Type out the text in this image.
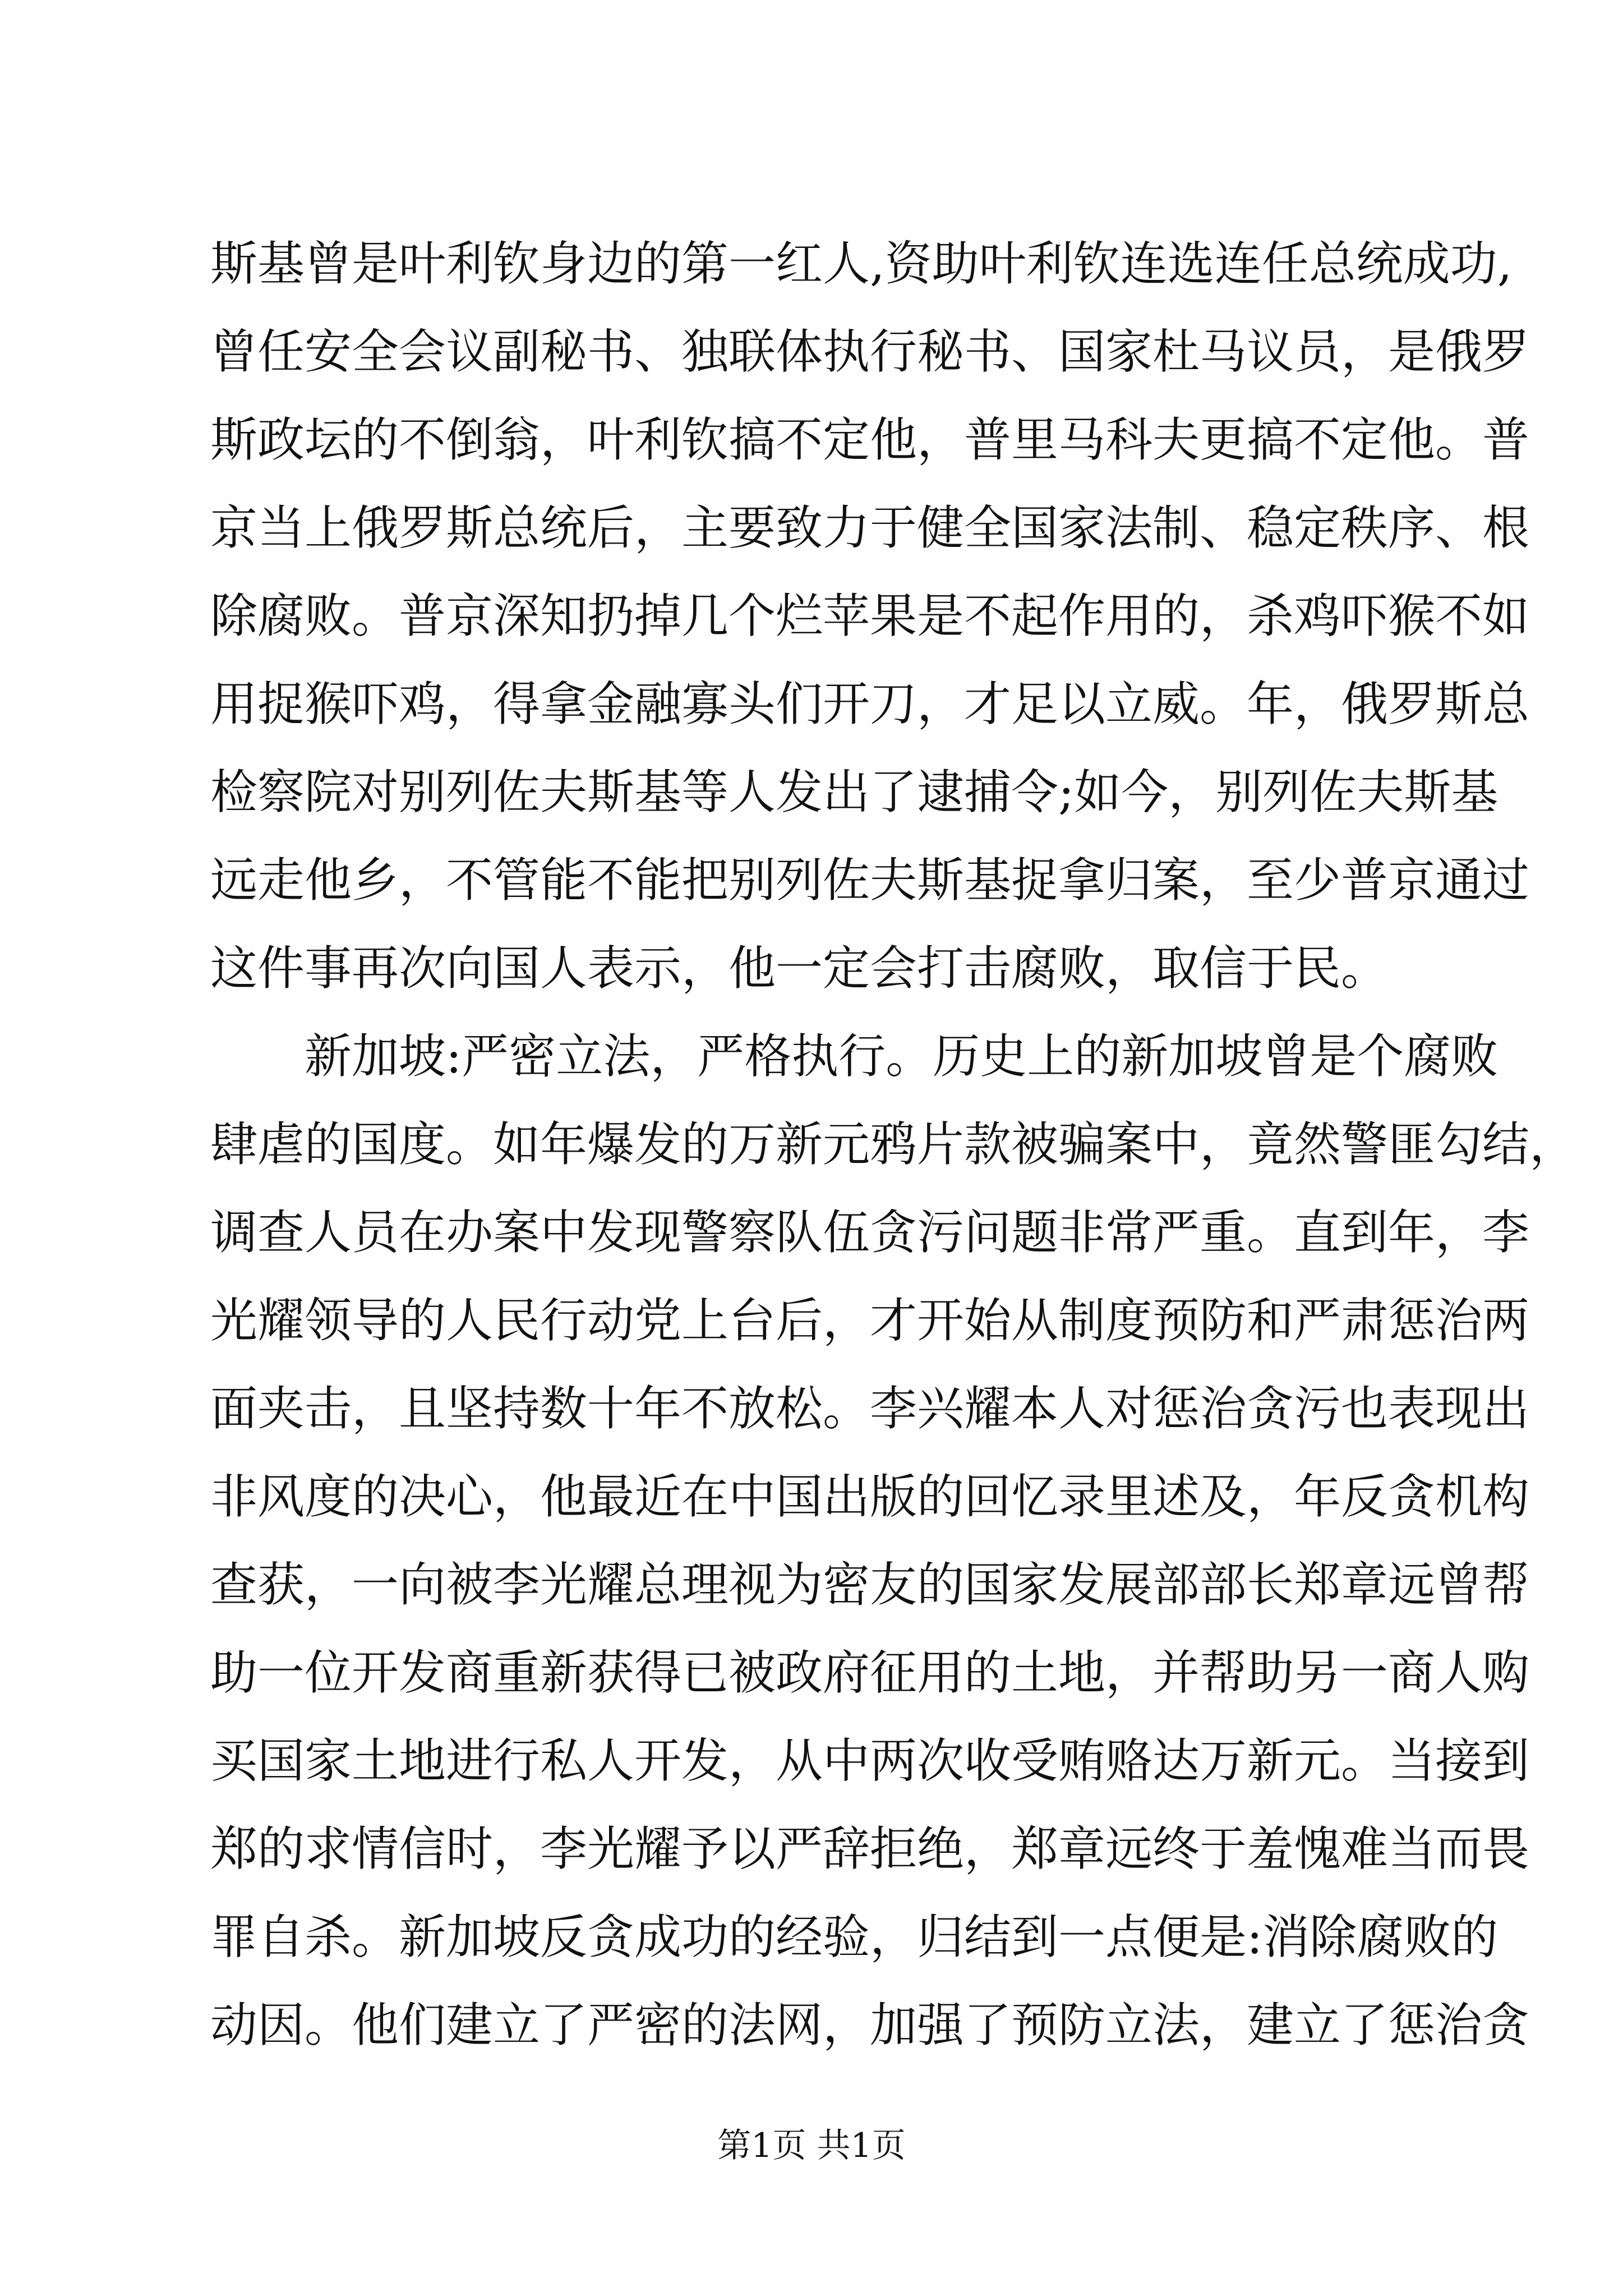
斯基曾是叶利钦身边的第一红人,资助叶利钦连选连任总统成功,
曾任安全会议副秘书、独联体执行秘书、国家杜马议员，是俄罗
斯政坛的不倒翁，叶利钦搞不定他，普里马科夫更搞不定他。普
京当上俄罗斯总统后，主要致力于健全国家法制、稳定秩序、根
除腐败。普京深知扔掉几个烂苹果是不起作用的，杀鸡吓猴不如
用捉猴吓鸡，得拿金融寡头们开刀，才足以立威。年，俄罗斯总
检察院对别列佐夫斯基等人发出了逮捕令;如今，别列佐夫斯基
远走他乡，不管能不能把别列佐夫斯基捉拿归案，至少普京通过
这件事再次向国人表示，他一定会打击腐败，取信于民。
新加坡:严密立法，严格执行。历史上的新加坡曾是个腐败
肆虐的国度。如年爆发的万新元鸦片款被骗案中，竟然警匪勾结，
调查人员在办案中发现警察队伍贪污问题非常严重。直到年，李
光耀领导的人民行动党上台后，才开始从制度预防和严肃惩治两
面夹击，且坚持数十年不放松。李兴耀本人对惩治贪污也表现出
非风度的决心，他最近在中国出版的回忆录里述及，年反贪机构
查获，一向被李光耀总理视为密友的国家发展部部长郑章远曾帮
助一位开发商重新获得已被政府征用的土地，并帮助另一商人购
买国家土地进行私人开发，从中两次收受贿赂达万新元。当接到
郑的求情信时，李光耀予以严辞拒绝，郑章远终于羞愧难当而畏
罪自杀。新加坡反贪成功的经验，归结到一点便是:消除腐败的
动因。他们建立了严密的法网，加强了预防立法，建立了惩治贪
第1页 共1页
